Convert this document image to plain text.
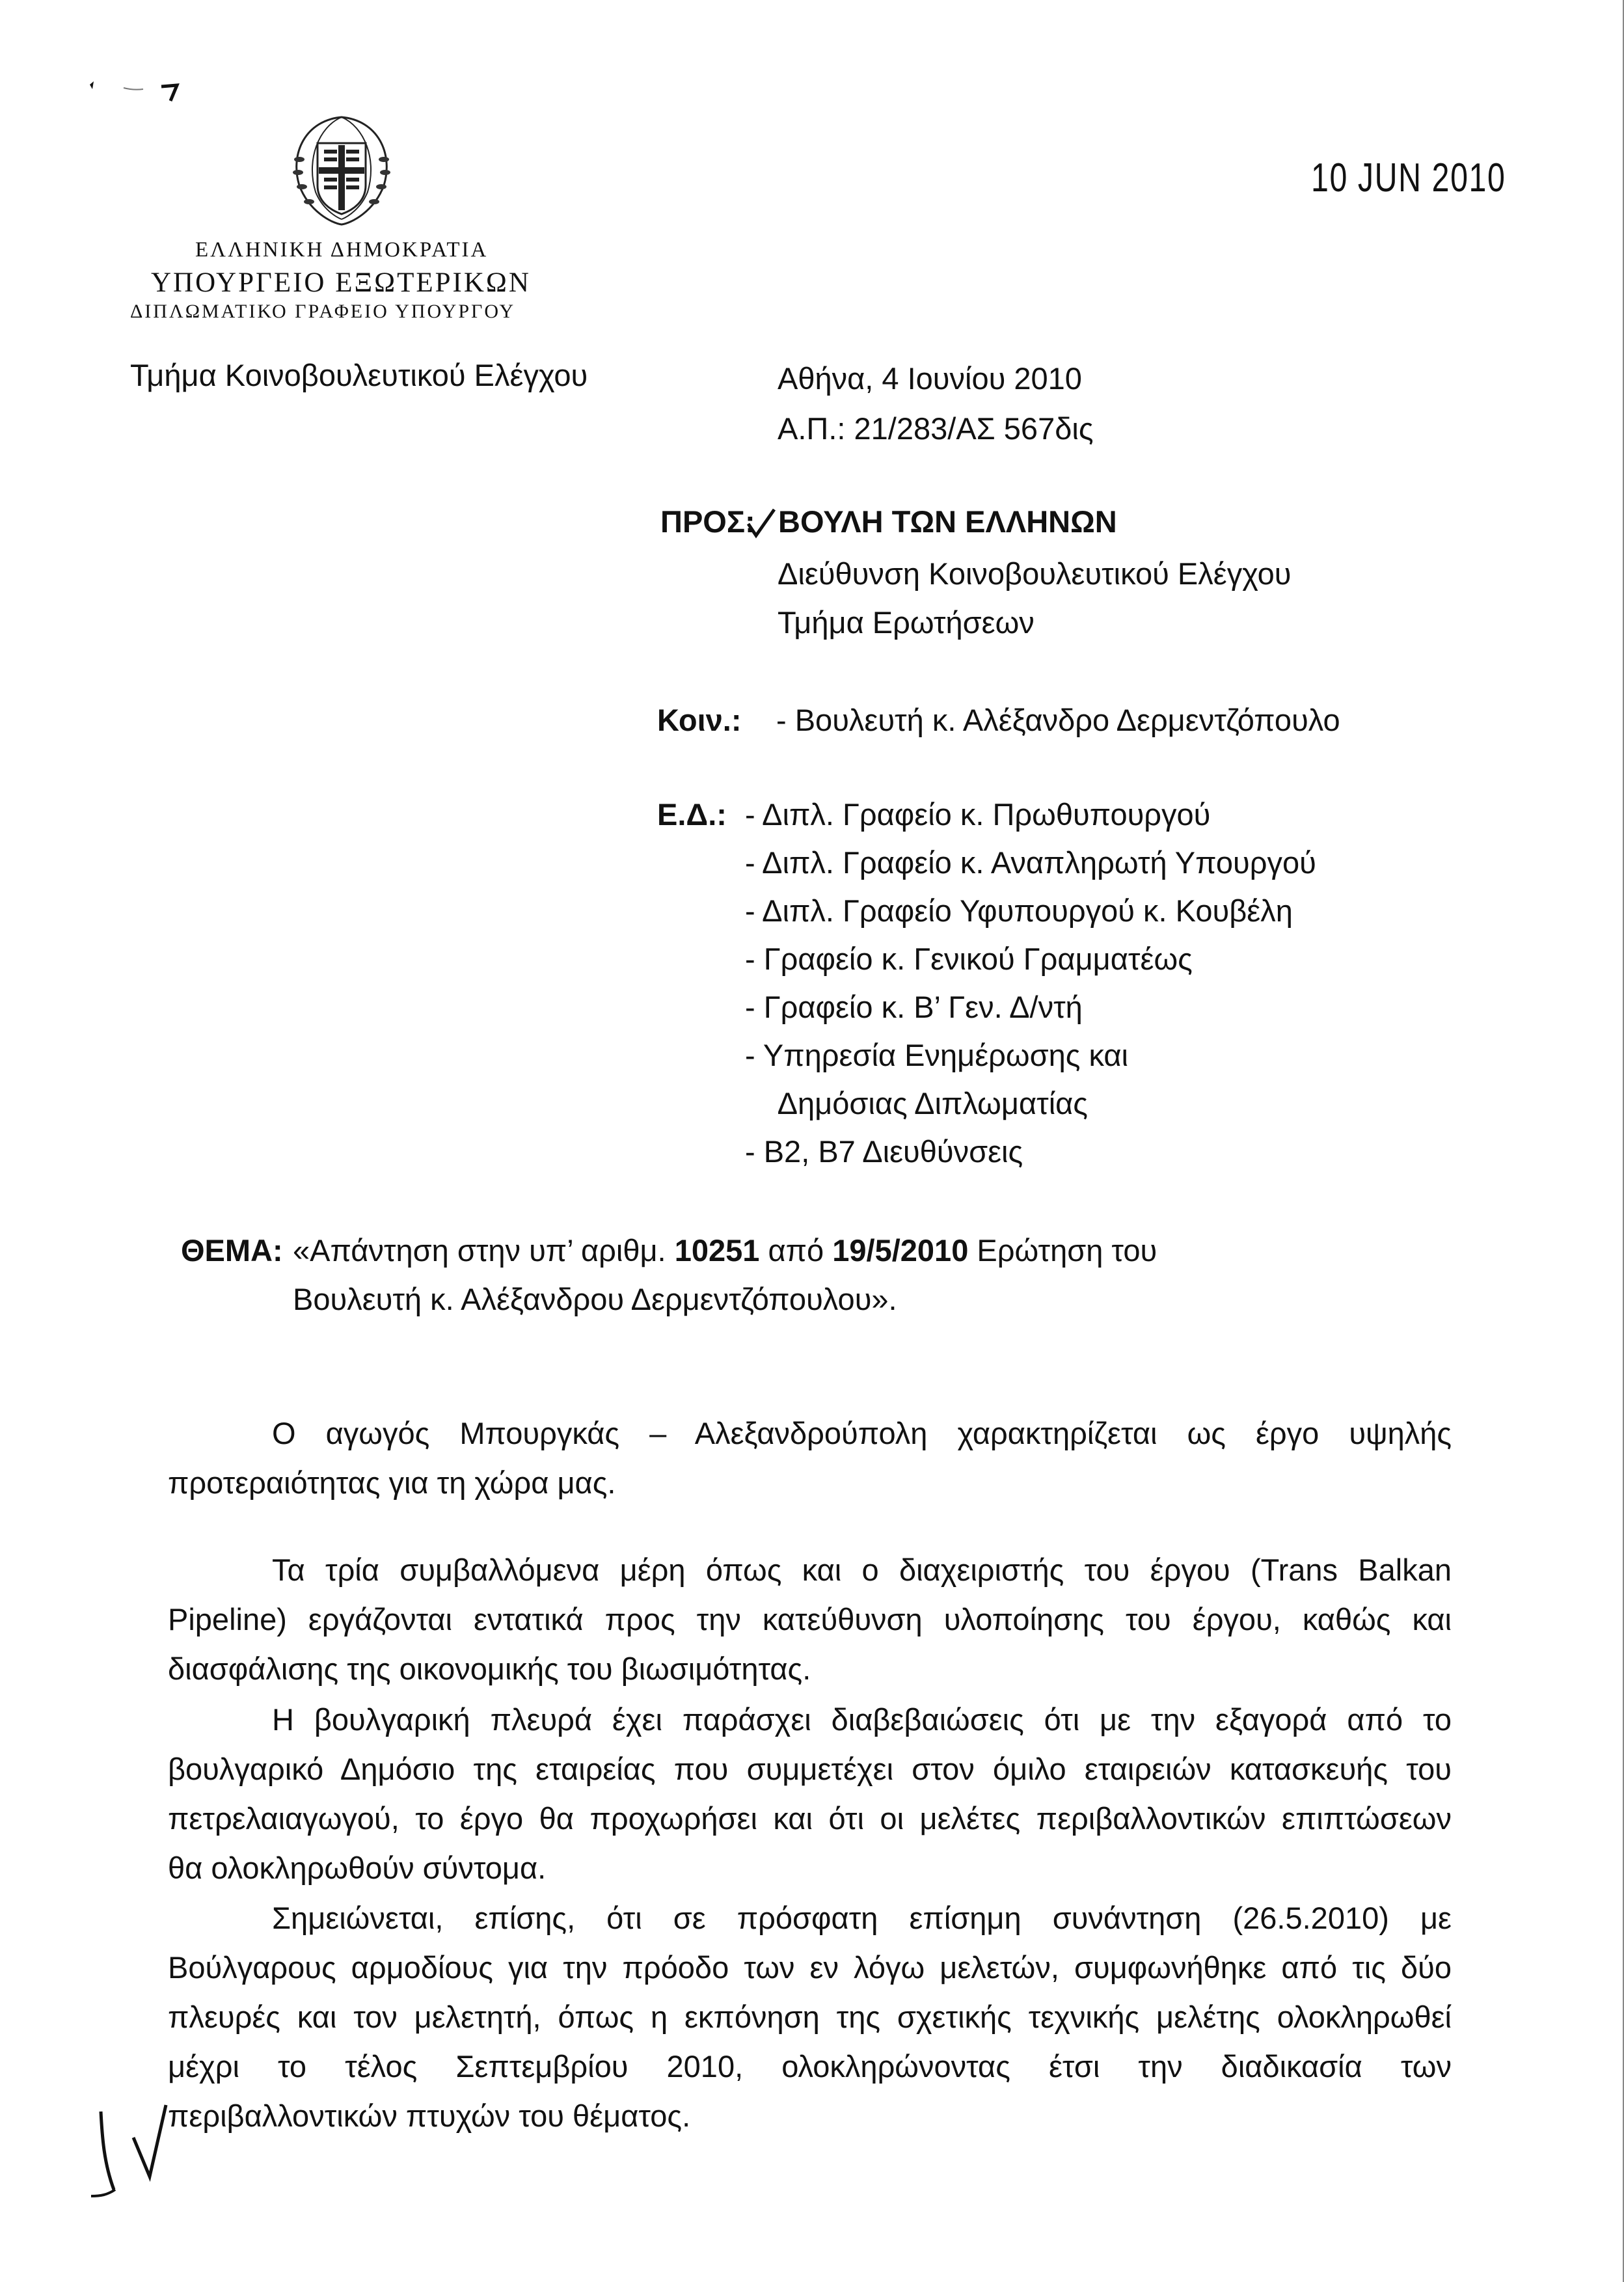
ΕΛΛΗΝΙΚΗ ΔΗΜΟΚΡΑΤΙΑ
ΥΠΟΥΡΓΕΙΟ ΕΞΩΤΕΡΙΚΩΝ
ΔΙΠΛΩΜΑΤΙΚΟ ΓΡΑΦΕΙΟ ΥΠΟΥΡΓΟΥ
10 JUN 2010
Τμήμα Κοινοβουλευτικού Ελέγχου	Αθήνα, 4 Ιουνίου 2010
Α.Π.: 21/283/ΑΣ 567δις
ΠΡΟΣ: ΒΟΥΛΗ ΤΩΝ ΕΛΛΗΝΩΝ
Διεύθυνση Κοινοβουλευτικού Ελέγχου
Τμήμα Ερωτήσεων
Κοιν.: - Βουλευτή κ. Αλέξανδρο Δερμεντζόπουλο
Ε.Δ.: - Διπλ. Γραφείο κ. Πρωθυπουργού
- Διπλ. Γραφείο κ. Αναπληρωτή Υπουργού
- Διπλ. Γραφείο Υφυπουργού κ. Κουβέλη
- Γραφείο κ. Γενικού Γραμματέως
- Γραφείο κ. Β’ Γεν. Δ/ντή
- Υπηρεσία Ενημέρωσης και
Δημόσιας Διπλωματίας
- Β2, Β7 Διευθύνσεις
ΘΕΜΑ: «Απάντηση στην υπ’ αριθμ. 10251 από 19/5/2010 Ερώτηση του
Βουλευτή κ. Αλέξανδρου Δερμεντζόπουλου».
Ο αγωγός Μπουργκάς – Αλεξανδρούπολη χαρακτηρίζεται ως έργο υψηλής
προτεραιότητας για τη χώρα μας.
Τα τρία συμβαλλόμενα μέρη όπως και ο διαχειριστής του έργου (Trans Balkan
Pipeline) εργάζονται εντατικά προς την κατεύθυνση υλοποίησης του έργου, καθώς και
διασφάλισης της οικονομικής του βιωσιμότητας.
Η βουλγαρική πλευρά έχει παράσχει διαβεβαιώσεις ότι με την εξαγορά από το
βουλγαρικό Δημόσιο της εταιρείας που συμμετέχει στον όμιλο εταιρειών κατασκευής του
πετρελαιαγωγού, το έργο θα προχωρήσει και ότι οι μελέτες περιβαλλοντικών επιπτώσεων
θα ολοκληρωθούν σύντομα.
Σημειώνεται, επίσης, ότι σε πρόσφατη επίσημη συνάντηση (26.5.2010) με
Βούλγαρους αρμοδίους για την πρόοδο των εν λόγω μελετών, συμφωνήθηκε από τις δύο
πλευρές και τον μελετητή, όπως η εκπόνηση της σχετικής τεχνικής μελέτης ολοκληρωθεί
μέχρι το τέλος Σεπτεμβρίου 2010, ολοκληρώνοντας έτσι την διαδικασία των
περιβαλλοντικών πτυχών του θέματος.
